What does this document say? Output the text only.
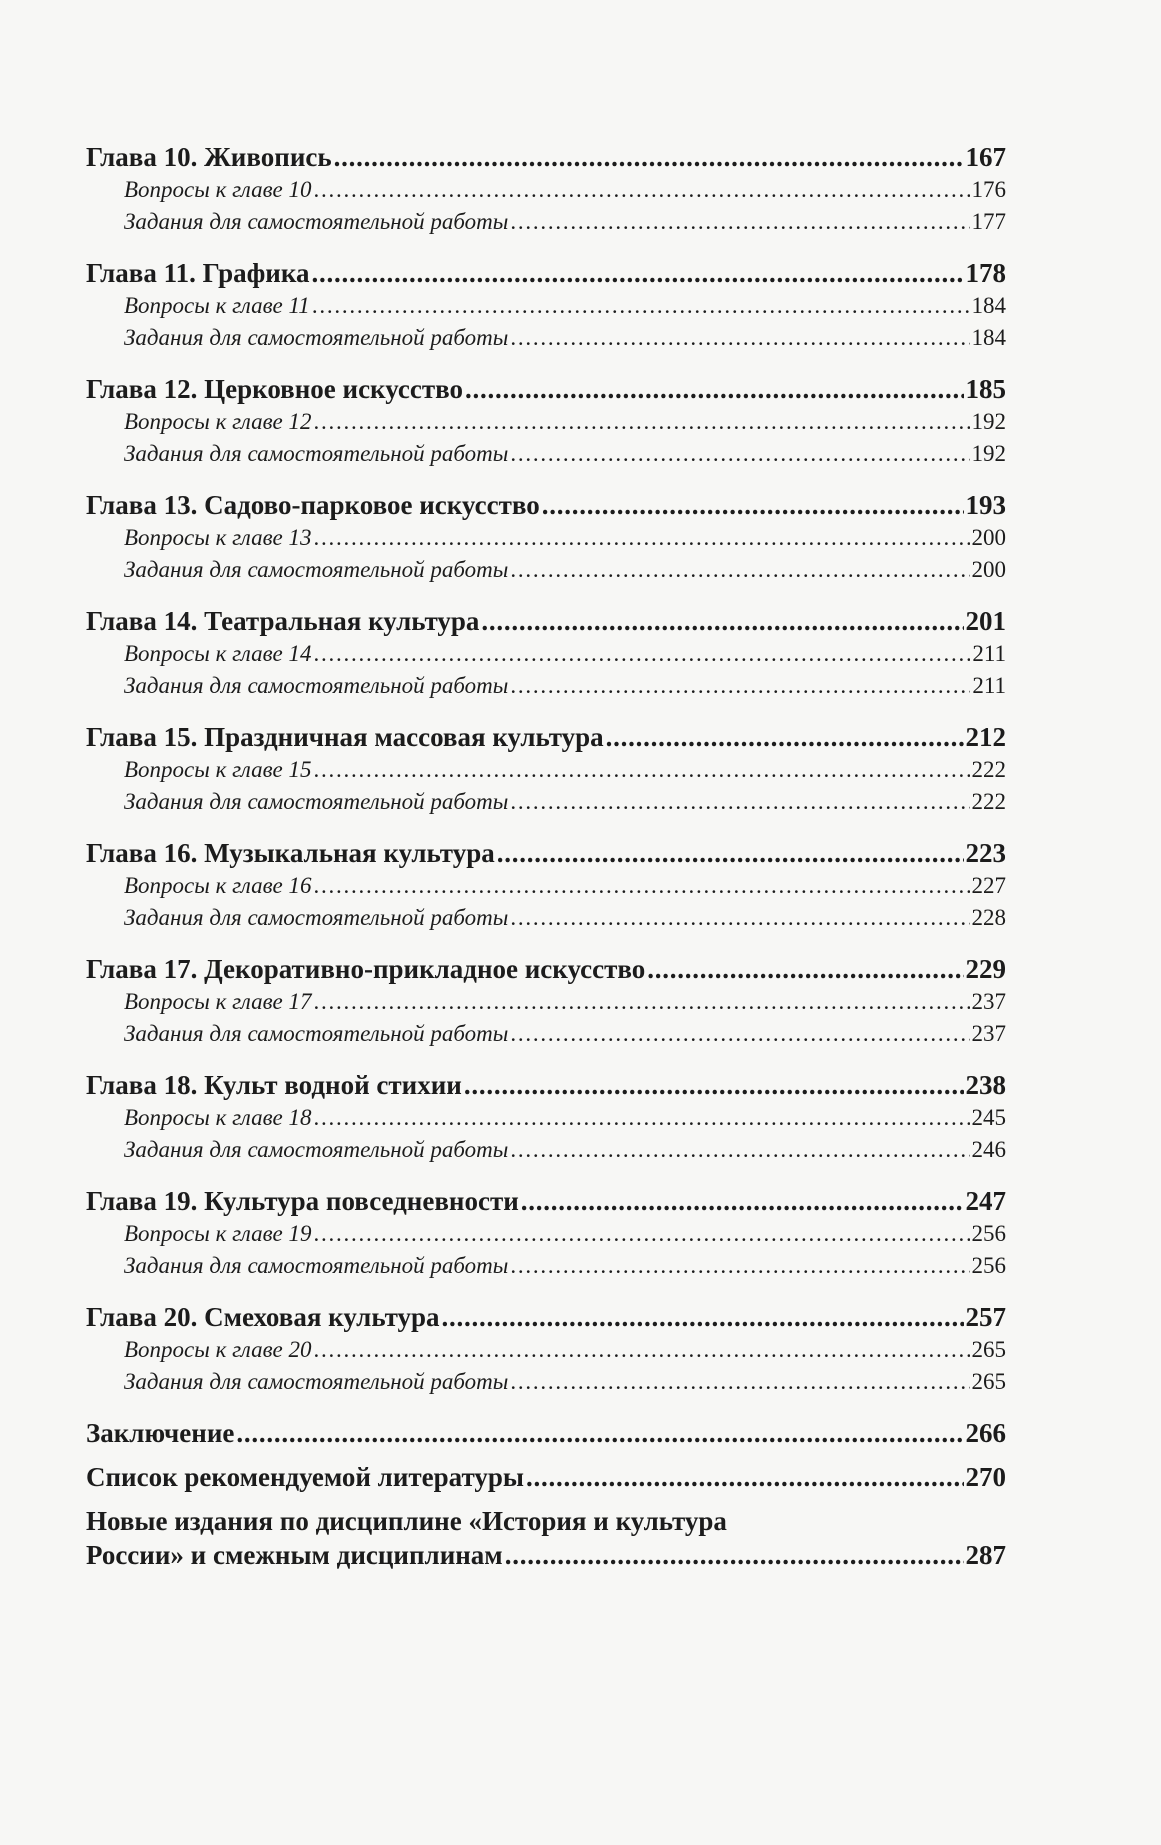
Глава 10. Живопись . . .	167
Вопросы к главе 10 . . .	176
Задания для самостоятельной работы . . .	177
Глава 11. Графика . . .	178
Вопросы к главе 11 . . .	184
Задания для самостоятельной работы . . .	184
Глава 12. Церковное искусство . . .	185
Вопросы к главе 12 . . .	192
Задания для самостоятельной работы . . .	192
Глава 13. Садово-парковое искусство . . .	193
Вопросы к главе 13 . . .	200
Задания для самостоятельной работы . . .	200
Глава 14. Театральная культура . . .	201
Вопросы к главе 14 . . .	211
Задания для самостоятельной работы . . .	211
Глава 15. Праздничная массовая культура . . .	212
Вопросы к главе 15 . . .	222
Задания для самостоятельной работы . . .	222
Глава 16. Музыкальная культура . . .	223
Вопросы к главе 16 . . .	227
Задания для самостоятельной работы . . .	228
Глава 17. Декоративно-прикладное искусство . . .	229
Вопросы к главе 17 . . .	237
Задания для самостоятельной работы . . .	237
Глава 18. Культ водной стихии . . .	238
Вопросы к главе 18 . . .	245
Задания для самостоятельной работы . . .	246
Глава 19. Культура повседневности . . .	247
Вопросы к главе 19 . . .	256
Задания для самостоятельной работы . . .	256
Глава 20. Смеховая культура . . .	257
Вопросы к главе 20 . . .	265
Задания для самостоятельной работы . . .	265
Заключение . . .	266
Список рекомендуемой литературы . . .	270
Новые издания по дисциплине «История и культура
России» и смежным дисциплинам . . .	287
